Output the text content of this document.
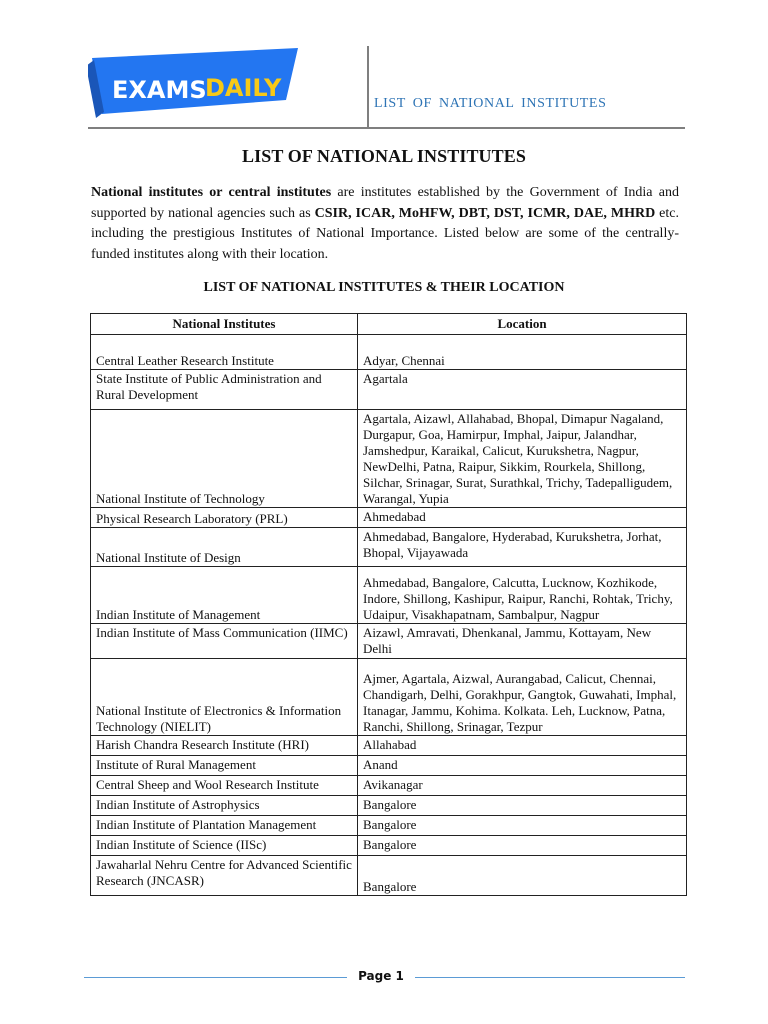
EXAMS
DAILY
LIST OF NATIONAL INSTITUTES
LIST OF NATIONAL INSTITUTES

National institutes or central institutes are institutes established by the Government of India and supported by national agencies such as CSIR, ICAR, MoHFW, DBT, DST, ICMR, DAE, MHRD etc. including the prestigious Institutes of National Importance. Listed below are some of the centrally-funded institutes along with their location.

LIST OF NATIONAL INSTITUTES & THEIR LOCATION
National Institutes	Location
Central Leather Research Institute	Adyar, Chennai
State Institute of Public Administration and Rural Development	Agartala
National Institute of Technology	Agartala, Aizawl, Allahabad, Bhopal, Dimapur Nagaland, Durgapur, Goa, Hamirpur, Imphal, Jaipur, Jalandhar, Jamshedpur, Karaikal, Calicut, Kurukshetra, Nagpur, NewDelhi, Patna, Raipur, Sikkim, Rourkela, Shillong, Silchar, Srinagar, Surat, Surathkal, Trichy, Tadepalligudem, Warangal, Yupia
Physical Research Laboratory (PRL)	Ahmedabad
National Institute of Design	Ahmedabad, Bangalore, Hyderabad, Kurukshetra, Jorhat, Bhopal, Vijayawada
Indian Institute of Management	Ahmedabad, Bangalore, Calcutta, Lucknow, Kozhikode, Indore, Shillong, Kashipur, Raipur, Ranchi, Rohtak, Trichy, Udaipur, Visakhapatnam, Sambalpur, Nagpur
Indian Institute of Mass Communication (IIMC)	Aizawl, Amravati, Dhenkanal, Jammu, Kottayam, New Delhi
National Institute of Electronics & Information Technology (NIELIT)	Ajmer, Agartala, Aizwal, Aurangabad, Calicut, Chennai, Chandigarh, Delhi, Gorakhpur, Gangtok, Guwahati, Imphal, Itanagar, Jammu, Kohima. Kolkata. Leh, Lucknow, Patna, Ranchi, Shillong, Srinagar, Tezpur
Harish Chandra Research Institute (HRI)	Allahabad
Institute of Rural Management	Anand
Central Sheep and Wool Research Institute	Avikanagar
Indian Institute of Astrophysics	Bangalore
Indian Institute of Plantation Management	Bangalore
Indian Institute of Science (IISc)	Bangalore
Jawaharlal Nehru Centre for Advanced Scientific Research (JNCASR)	Bangalore
Page 1
